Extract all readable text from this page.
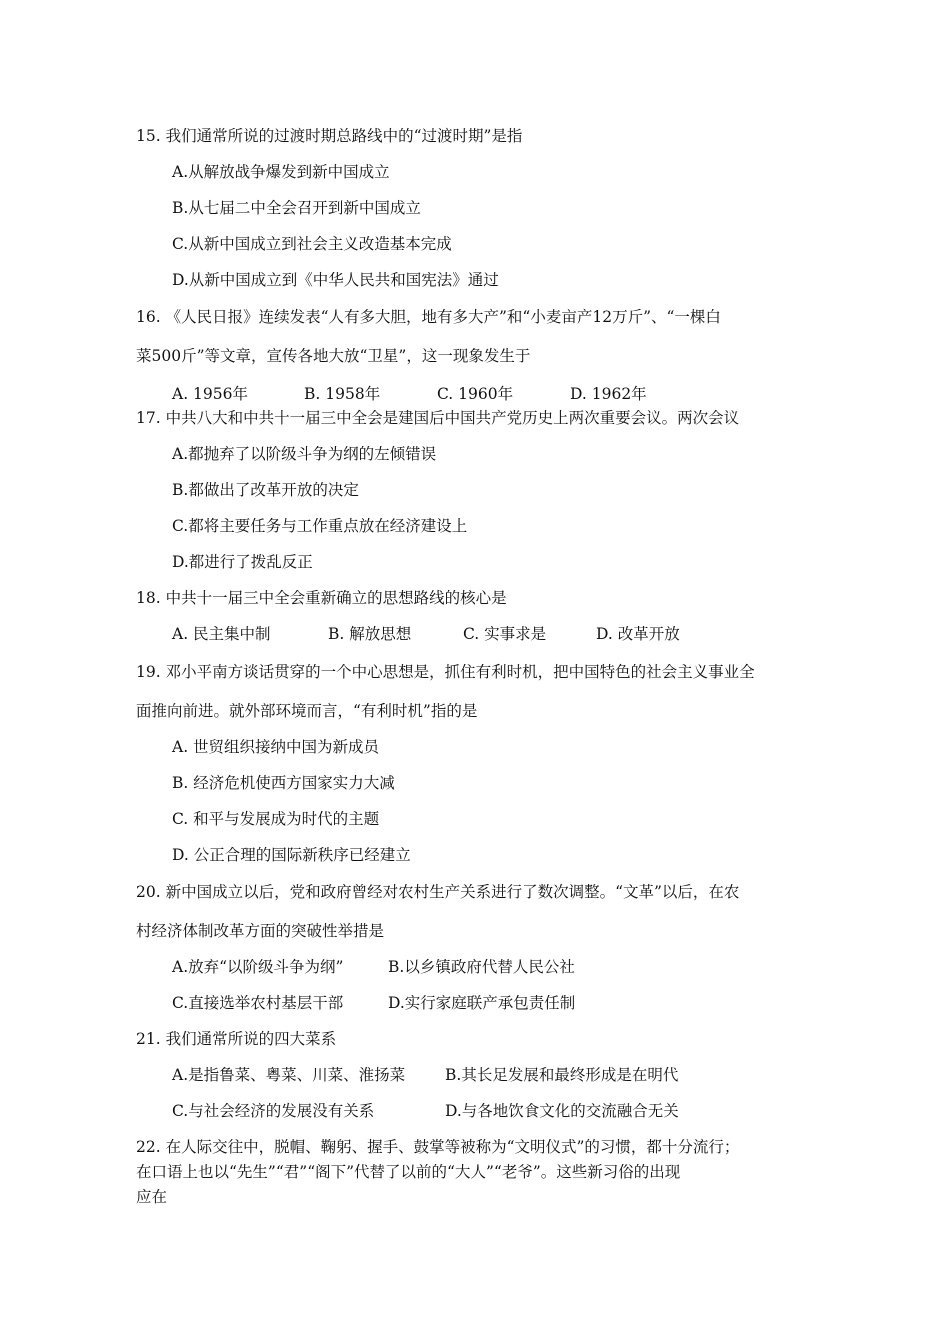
15. 我们通常所说的过渡时期总路线中的“过渡时期”是指
A.从解放战争爆发到新中国成立
B.从七届二中全会召开到新中国成立
C.从新中国成立到社会主义改造基本完成
D.从新中国成立到《中华人民共和国宪法》通过
16. 《人民日报》连续发表“人有多大胆，地有多大产”和“小麦亩产12万斤”、“一棵白
菜500斤”等文章，宣传各地大放“卫星”，这一现象发生于
A. 1956年	B. 1958年	C. 1960年	D. 1962年
17. 中共八大和中共十一届三中全会是建国后中国共产党历史上两次重要会议。两次会议
A.都抛弃了以阶级斗争为纲的左倾错误
B.都做出了改革开放的决定
C.都将主要任务与工作重点放在经济建设上
D.都进行了拨乱反正
18. 中共十一届三中全会重新确立的思想路线的核心是
A. 民主集中制	B. 解放思想	C. 实事求是	D. 改革开放
19. 邓小平南方谈话贯穿的一个中心思想是，抓住有利时机，把中国特色的社会主义事业全
面推向前进。就外部环境而言，“有利时机”指的是
A. 世贸组织接纳中国为新成员
B. 经济危机使西方国家实力大减
C. 和平与发展成为时代的主题
D. 公正合理的国际新秩序已经建立
20. 新中国成立以后，党和政府曾经对农村生产关系进行了数次调整。“文革”以后，在农
村经济体制改革方面的突破性举措是
A.放弃“以阶级斗争为纲”	B.以乡镇政府代替人民公社
C.直接选举农村基层干部	D.实行家庭联产承包责任制
21. 我们通常所说的四大菜系
A.是指鲁菜、粤菜、川菜、淮扬菜	B.其长足发展和最终形成是在明代
C.与社会经济的发展没有关系	D.与各地饮食文化的交流融合无关
22. 在人际交往中，脱帽、鞠躬、握手、鼓掌等被称为“文明仪式”的习惯，都十分流行；
在口语上也以“先生”“君”“阁下”代替了以前的“大人”“老爷”。这些新习俗的出现
应在
